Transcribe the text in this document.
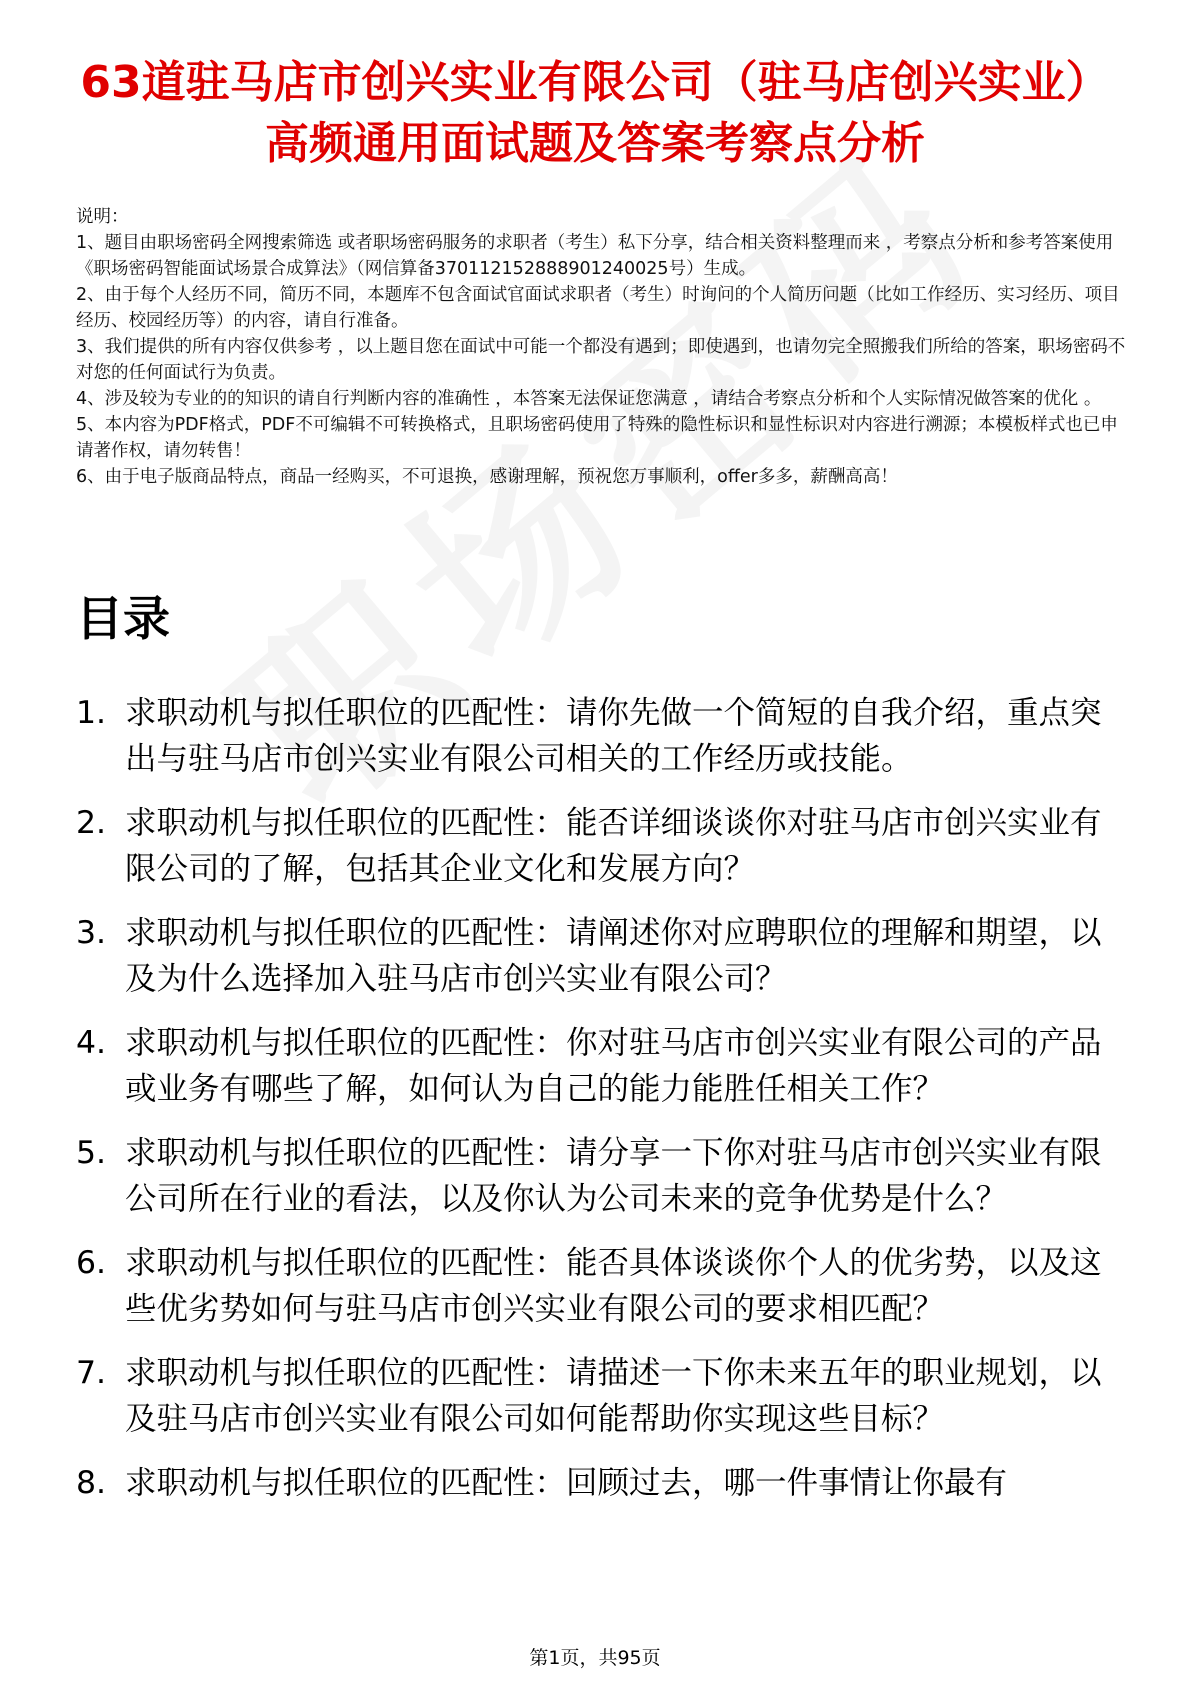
63道驻马店市创兴实业有限公司（驻马店创兴实业）高频通用面试题及答案考察点分析

说明：

1、题目由职场密码全网搜索筛选 或者职场密码服务的求职者（考生）私下分享，结合相关资料整理而来 ，考察点分析和参考答案使用《职场密码智能面试场景合成算法》（网信算备370112152888901240025号）生成。

2、由于每个人经历不同，简历不同，本题库不包含面试官面试求职者（考生）时询问的个人简历问题（比如工作经历、实习经历、项目经历、校园经历等）的内容，请自行准备。

3、我们提供的所有内容仅供参考 ，以上题目您在面试中可能一个都没有遇到；即使遇到，也请勿完全照搬我们所给的答案，职场密码不对您的任何面试行为负责。

4、涉及较为专业的的知识的请自行判断内容的准确性 ，本答案无法保证您满意 ，请结合考察点分析和个人实际情况做答案的优化 。

5、本内容为PDF格式，PDF不可编辑不可转换格式，且职场密码使用了特殊的隐性标识和显性标识对内容进行溯源；本模板样式也已申请著作权，请勿转售！

6、由于电子版商品特点，商品一经购买，不可退换，感谢理解，预祝您万事顺利，offer多多，薪酬高高！

目录
1. 求职动机与拟任职位的匹配性：请你先做一个简短的自我介绍，重点突出与驻马店市创兴实业有限公司相关的工作经历或技能。
2. 求职动机与拟任职位的匹配性：能否详细谈谈你对驻马店市创兴实业有限公司的了解，包括其企业文化和发展方向？
3. 求职动机与拟任职位的匹配性：请阐述你对应聘职位的理解和期望，以及为什么选择加入驻马店市创兴实业有限公司？
4. 求职动机与拟任职位的匹配性：你对驻马店市创兴实业有限公司的产品或业务有哪些了解，如何认为自己的能力能胜任相关工作？
5. 求职动机与拟任职位的匹配性：请分享一下你对驻马店市创兴实业有限公司所在行业的看法，以及你认为公司未来的竞争优势是什么？
6. 求职动机与拟任职位的匹配性：能否具体谈谈你个人的优劣势，以及这些优劣势如何与驻马店市创兴实业有限公司的要求相匹配？
7. 求职动机与拟任职位的匹配性：请描述一下你未来五年的职业规划，以及驻马店市创兴实业有限公司如何能帮助你实现这些目标？
8. 求职动机与拟任职位的匹配性：回顾过去，哪一件事情让你最有
第1页，共95页
